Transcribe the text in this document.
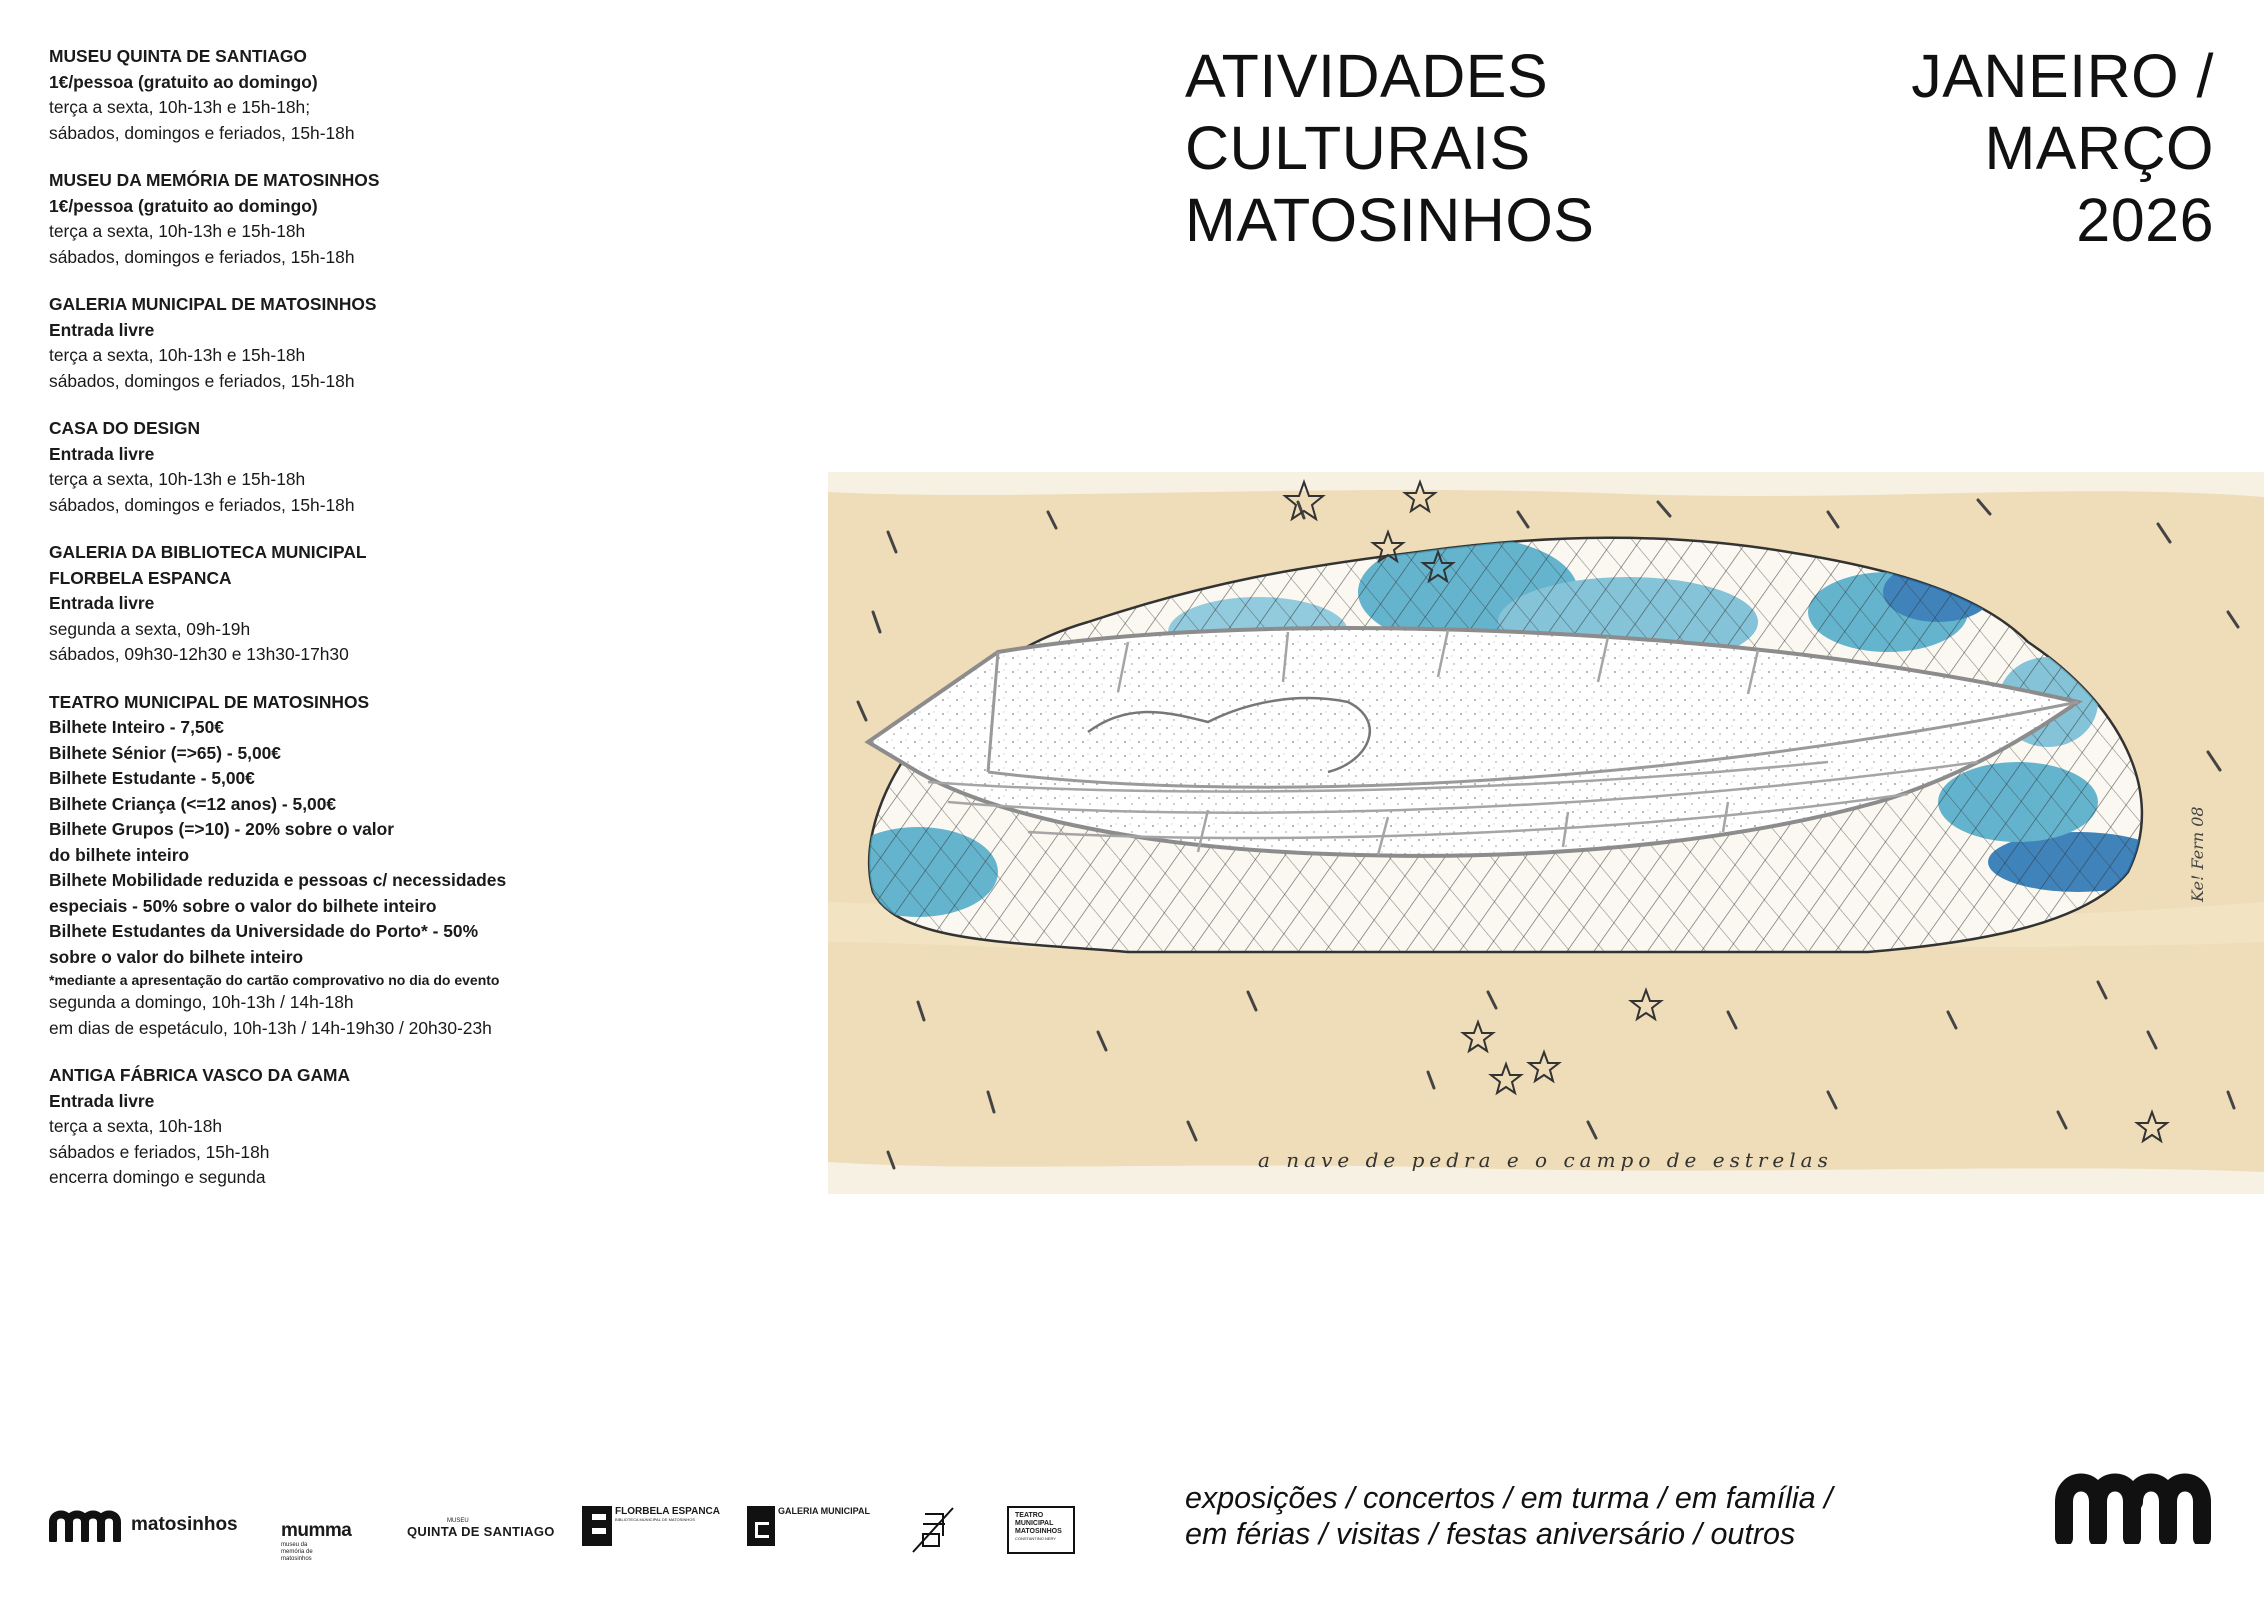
MUSEU QUINTA DE SANTIAGO

1€/pessoa (gratuito ao domingo)

terça a sexta, 10h-13h e 15h-18h;

sábados, domingos e feriados, 15h-18h

MUSEU DA MEMÓRIA DE MATOSINHOS

1€/pessoa (gratuito ao domingo)

terça a sexta, 10h-13h e 15h-18h

sábados, domingos e feriados, 15h-18h

GALERIA MUNICIPAL DE MATOSINHOS

Entrada livre

terça a sexta, 10h-13h e 15h-18h

sábados, domingos e feriados, 15h-18h

CASA DO DESIGN

Entrada livre

terça a sexta, 10h-13h e 15h-18h

sábados, domingos e feriados, 15h-18h

GALERIA DA BIBLIOTECA MUNICIPAL
FLORBELA ESPANCA

Entrada livre

segunda a sexta, 09h-19h

sábados, 09h30-12h30 e 13h30-17h30

TEATRO MUNICIPAL DE MATOSINHOS

Bilhete Inteiro - 7,50€

Bilhete Sénior (=>65) - 5,00€

Bilhete Estudante - 5,00€

Bilhete Criança (<=12 anos) - 5,00€

Bilhete Grupos (=>10) - 20% sobre o valor

do bilhete inteiro

Bilhete Mobilidade reduzida e pessoas c/ necessidades

especiais - 50% sobre o valor do bilhete inteiro

Bilhete Estudantes da Universidade do Porto* - 50%

sobre o valor do bilhete inteiro

*mediante a apresentação do cartão comprovativo no dia do evento

segunda a domingo, 10h-13h / 14h-18h

em dias de espetáculo, 10h-13h / 14h-19h30 / 20h30-23h

ANTIGA FÁBRICA VASCO DA GAMA

Entrada livre

terça a sexta, 10h-18h

sábados e feriados, 15h-18h

encerra domingo e segunda

ATIVIDADES
CULTURAIS
MATOSINHOS
JANEIRO /
MARÇO
2026
a nave de pedra e o campo de estrelas
Ke! Fern 08
exposições / concertos / em turma / em família /
em férias / visitas / festas aniversário / outros
matosinhos mumma
museu da memória de matosinhos
MUSEU
QUINTA DE SANTIAGO
FLORBELA ESPANCA
BIBLIOTECA MUNICIPAL DE MATOSINHOS
GALERIA MUNICIPAL	TEATRO
MUNICIPAL
MATOSINHOS
CONSTANTINO NERY
